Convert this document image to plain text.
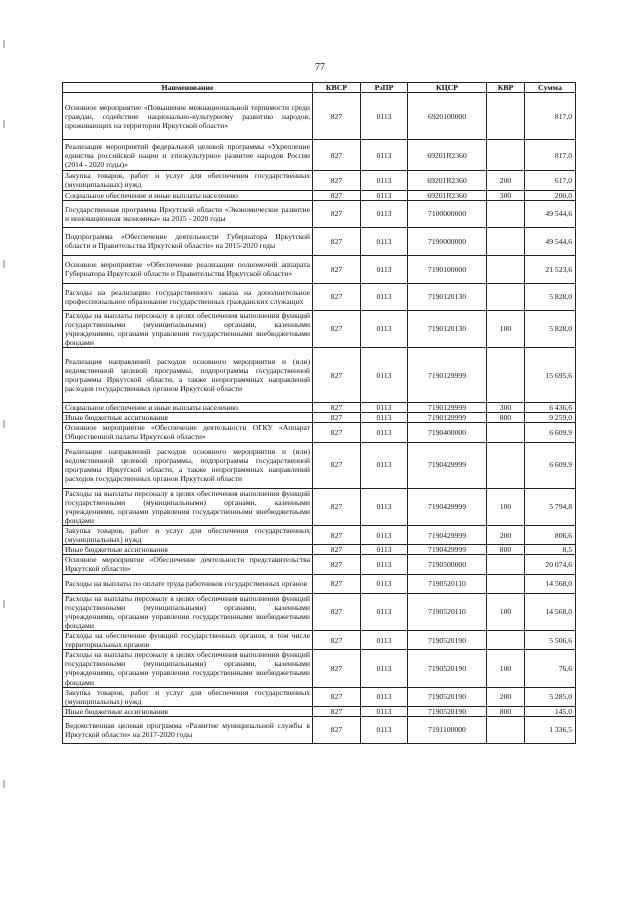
77
Наименование	КВСР	РзПР	КЦСР	КВР	Сумма
Основное мероприятие «Повышение межнациональной терпимости среди граждан, содействие национально-культурному развитию народов, проживающих на территории Иркутской области»	827	0113	6920100000		817,0
Реализация мероприятий федеральной целевой программы «Укрепление единства российской нации и этнокультурное развитие народов России (2014 - 2020 годы)»	827	0113	69201R2360		817,0
Закупка товаров, работ и услуг для обеспечения государственных (муниципальных) нужд	827	0113	69201R2360	200	617,0
Социальное обеспечение и иные выплаты населению	827	0113	69201R2360	300	200,0
Государственная программа Иркутской области «Экономическое развитие и инновационная экономика» на 2015 - 2020 годы	827	0113	7100000000		49 544,6
Подпрограмма «Обеспечение деятельности Губернатора Иркутской области и Правительства Иркутской области» на 2015-2020 годы	827	0113	7190000000		49 544,6
Основное мероприятие «Обеспечение реализации полномочий аппарата Губернатора Иркутской области и Правительства Иркутской области»	827	0113	7190100000		21 523,6
Расходы на реализацию государственного заказа на дополнительное профессиональное образование государственных гражданских служащих	827	0113	7190120130		5 828,0
Расходы на выплаты персоналу в целях обеспечения выполнения функций государственными (муниципальными) органами, казенными учреждениями, органами управления государственными внебюджетными фондами	827	0113	7190120130	100	5 828,0
Реализация направлений расходов основного мероприятия и (или) ведомственной целевой программы, подпрограммы государственной программы Иркутской области, а также непрограммных направлений расходов государственных органов Иркутской области	827	0113	7190129999		15 695,6
Социальное обеспечение и иные выплаты населению	827	0113	7190129999	300	6 436,6
Иные бюджетные ассигнования	827	0113	7190129999	800	9 259,0
Основное мероприятие «Обеспечение деятельности ОГКУ «Аппарат Общественной палаты Иркутской области»	827	0113	7190400000		6 609,9
Реализация направлений расходов основного мероприятия и (или) ведомственной целевой программы, подпрограммы государственной программы Иркутской области, а также непрограммных направлений расходов государственных органов Иркутской области	827	0113	7190429999		6 609,9
Расходы на выплаты персоналу в целях обеспечения выполнения функций государственными (муниципальными) органами, казенными учреждениями, органами управления государственными внебюджетными фондами	827	0113	7190429999	100	5 794,8
Закупка товаров, работ и услуг для обеспечения государственных (муниципальных) нужд	827	0113	7190429999	200	806,6
Иные бюджетные ассигнования	827	0113	7190429999	800	8,5
Основное мероприятие «Обеспечение деятельности представительства Иркутской области»	827	0113	7190500000		20 074,6
Расходы на выплаты по оплате труда работников государственных органов	827	0113	7190520110		14 568,0
Расходы на выплаты персоналу в целях обеспечения выполнения функций государственными (муниципальными) органами, казенными учреждениями, органами управления государственными внебюджетными фондами	827	0113	7190520110	100	14 568,0
Расходы на обеспечение функций государственных органов, в том числе территориальных органов	827	0113	7190520190		5 506,6
Расходы на выплаты персоналу в целях обеспечения выполнения функций государственными (муниципальными) органами, казенными учреждениями, органами управления государственными внебюджетными фондами	827	0113	7190520190	100	76,6
Закупка товаров, работ и услуг для обеспечения государственных (муниципальных) нужд	827	0113	7190520190	200	5 285,0
Иные бюджетные ассигнования	827	0113	7190520190	800	145,0
Ведомственная целевая программа «Развитие муниципальной службы в Иркутской области» на 2017-2020 годы	827	0113	7191100000		1 336,5
